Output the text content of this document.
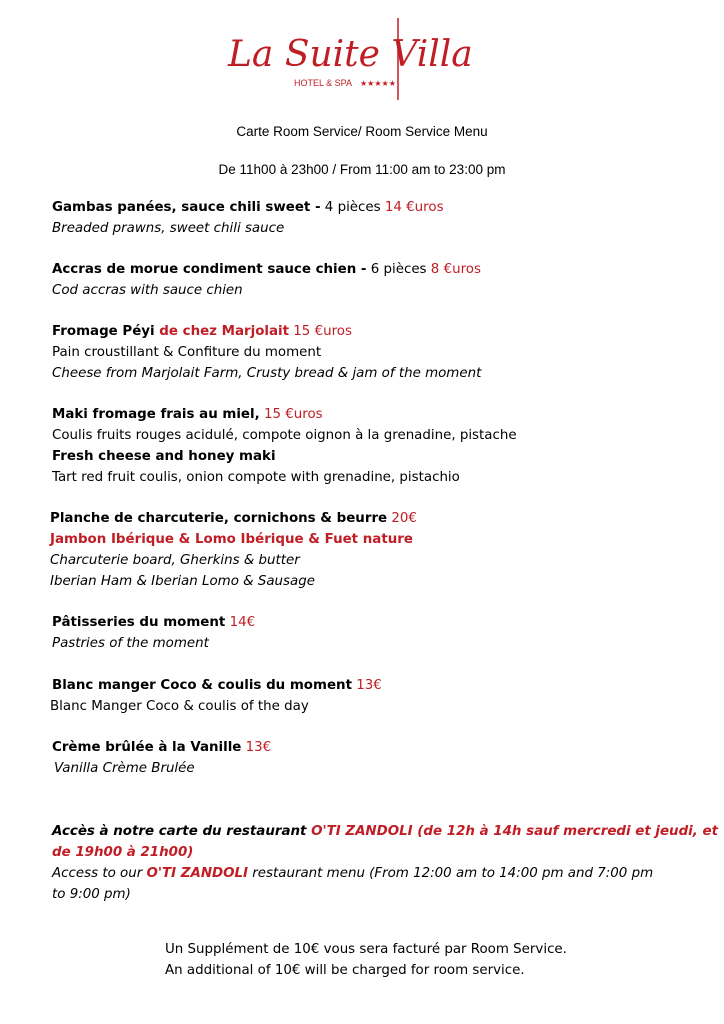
La Suite Villa
HOTEL & SPA ★★★★★
Carte Room Service/ Room Service Menu
De 11h00 à 23h00 / From 11:00 am to 23:00 pm
Gambas panées, sauce chili sweet - 4 pièces 14 €uros
Breaded prawns, sweet chili sauce
Accras de morue condiment sauce chien - 6 pièces 8 €uros
Cod accras with sauce chien
Fromage Péyi de chez Marjolait 15 €uros
Pain croustillant & Confiture du moment
Cheese from Marjolait Farm, Crusty bread & jam of the moment
Maki fromage frais au miel, 15 €uros
Coulis fruits rouges acidulé, compote oignon à la grenadine, pistache
Fresh cheese and honey maki
Tart red fruit coulis, onion compote with grenadine, pistachio
Planche de charcuterie, cornichons & beurre 20€
Jambon Ibérique & Lomo Ibérique & Fuet nature
Charcuterie board, Gherkins & butter
Iberian Ham & Iberian Lomo & Sausage
Pâtisseries du moment 14€
Pastries of the moment
Blanc manger Coco & coulis du moment 13€
Blanc Manger Coco & coulis of the day
Crème brûlée à la Vanille 13€
Vanilla Crème Brulée
Accès à notre carte du restaurant O'TI ZANDOLI (de 12h à 14h sauf mercredi et jeudi, et
de 19h00 à 21h00)
Access to our O'TI ZANDOLI restaurant menu (From 12:00 am to 14:00 pm and 7:00 pm
to 9:00 pm)
Un Supplément de 10€ vous sera facturé par Room Service.
An additional of 10€ will be charged for room service.
